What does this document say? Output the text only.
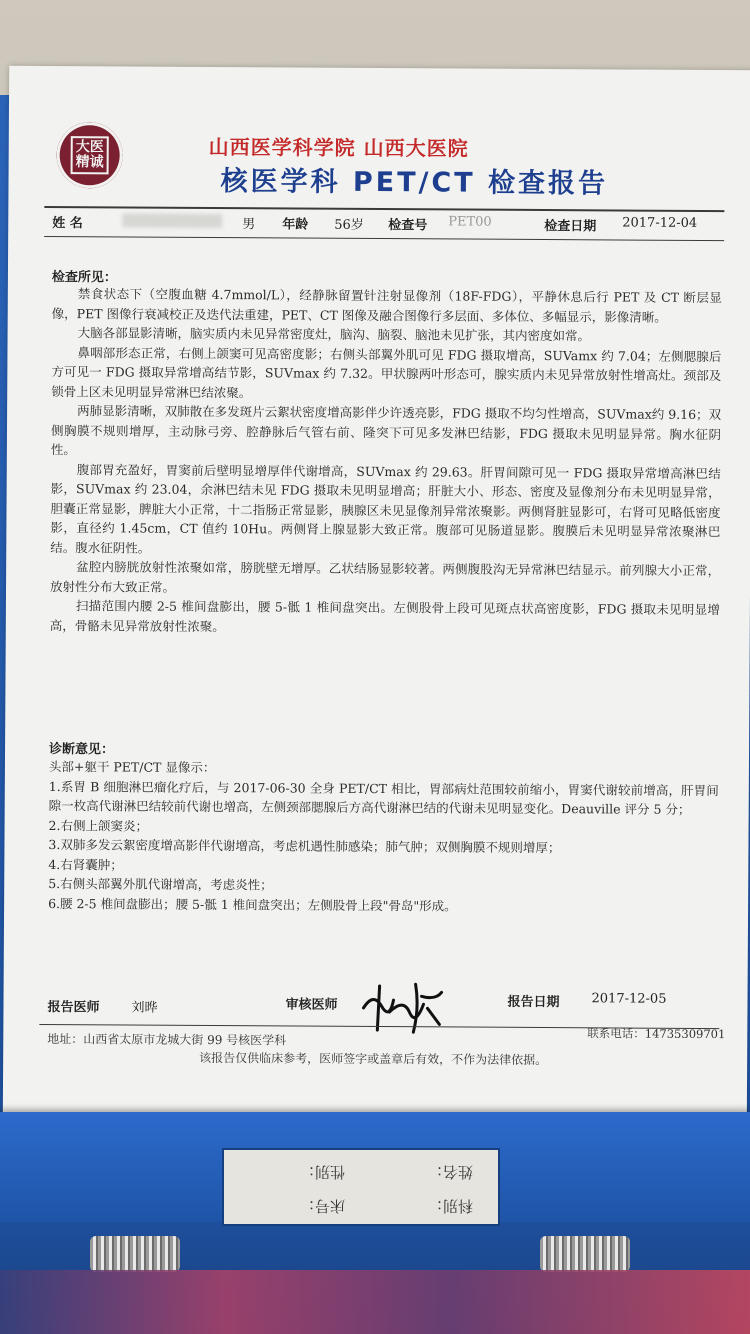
大医精诚
山西医学科学院 山西大医院
核医学科 PET/CT 检查报告
姓 名	男 年龄 56岁 检查号 PET00	检查日期 2017-12-04
检查所见：

禁食状态下（空腹血糖 4.7mmol/L），经静脉留置针注射显像剂（18F-FDG），平静休息后行 PET 及 CT 断层显像，PET 图像行衰减校正及迭代法重建，PET、CT 图像及融合图像行多层面、多体位、多幅显示，影像清晰。

大脑各部显影清晰，脑实质内未见异常密度灶，脑沟、脑裂、脑池未见扩张，其内密度如常。

鼻咽部形态正常，右侧上颌窦可见高密度影；右侧头部翼外肌可见 FDG 摄取增高，SUVamx 约 7.04；左侧腮腺后方可见一 FDG 摄取异常增高结节影，SUVmax 约 7.32。甲状腺两叶形态可，腺实质内未见异常放射性增高灶。颈部及锁骨上区未见明显异常淋巴结浓聚。

两肺显影清晰，双肺散在多发斑片云絮状密度增高影伴少许透亮影，FDG 摄取不均匀性增高，SUVmax约 9.16；双侧胸膜不规则增厚，主动脉弓旁、腔静脉后气管右前、隆突下可见多发淋巴结影，FDG 摄取未见明显异常。胸水征阴性。

腹部胃充盈好，胃窦前后壁明显增厚伴代谢增高，SUVmax 约 29.63。肝胃间隙可见一 FDG 摄取异常增高淋巴结影，SUVmax 约 23.04，余淋巴结未见 FDG 摄取未见明显增高；肝脏大小、形态、密度及显像剂分布未见明显异常，胆囊正常显影，脾脏大小正常，十二指肠正常显影，胰腺区未见显像剂异常浓聚影。两侧肾脏显影可，右肾可见略低密度影，直径约 1.45cm，CT 值约 10Hu。两侧肾上腺显影大致正常。腹部可见肠道显影。腹膜后未见明显异常浓聚淋巴结。腹水征阴性。

盆腔内膀胱放射性浓聚如常，膀胱壁无增厚。乙状结肠显影较著。两侧腹股沟无异常淋巴结显示。前列腺大小正常，放射性分布大致正常。

扫描范围内腰 2-5 椎间盘膨出，腰 5-骶 1 椎间盘突出。左侧股骨上段可见斑点状高密度影，FDG 摄取未见明显增高，骨骼未见异常放射性浓聚。

诊断意见：

头部+躯干 PET/CT 显像示：

1.系胃 B 细胞淋巴瘤化疗后，与 2017-06-30 全身 PET/CT 相比，胃部病灶范围较前缩小，胃窦代谢较前增高，肝胃间隙一枚高代谢淋巴结较前代谢也增高，左侧颈部腮腺后方高代谢淋巴结的代谢未见明显变化。Deauville 评分 5 分；

2.右侧上颌窦炎；

3.双肺多发云絮密度增高影伴代谢增高，考虑机遇性肺感染；肺气肿；双侧胸膜不规则增厚；

4.右肾囊肿；

5.右侧头部翼外肌代谢增高，考虑炎性；

6.腰 2-5 椎间盘膨出；腰 5-骶 1 椎间盘突出；左侧股骨上段"骨岛"形成。

报告医师 刘晔	审核医师	报告日期 2017-12-05
地址：山西省太原市龙城大街 99 号核医学科	联系电话：14735309701
该报告仅供临床参考，医师签字或盖章后有效，不作为法律依据。
姓名：
性别：
科别：
床号：
